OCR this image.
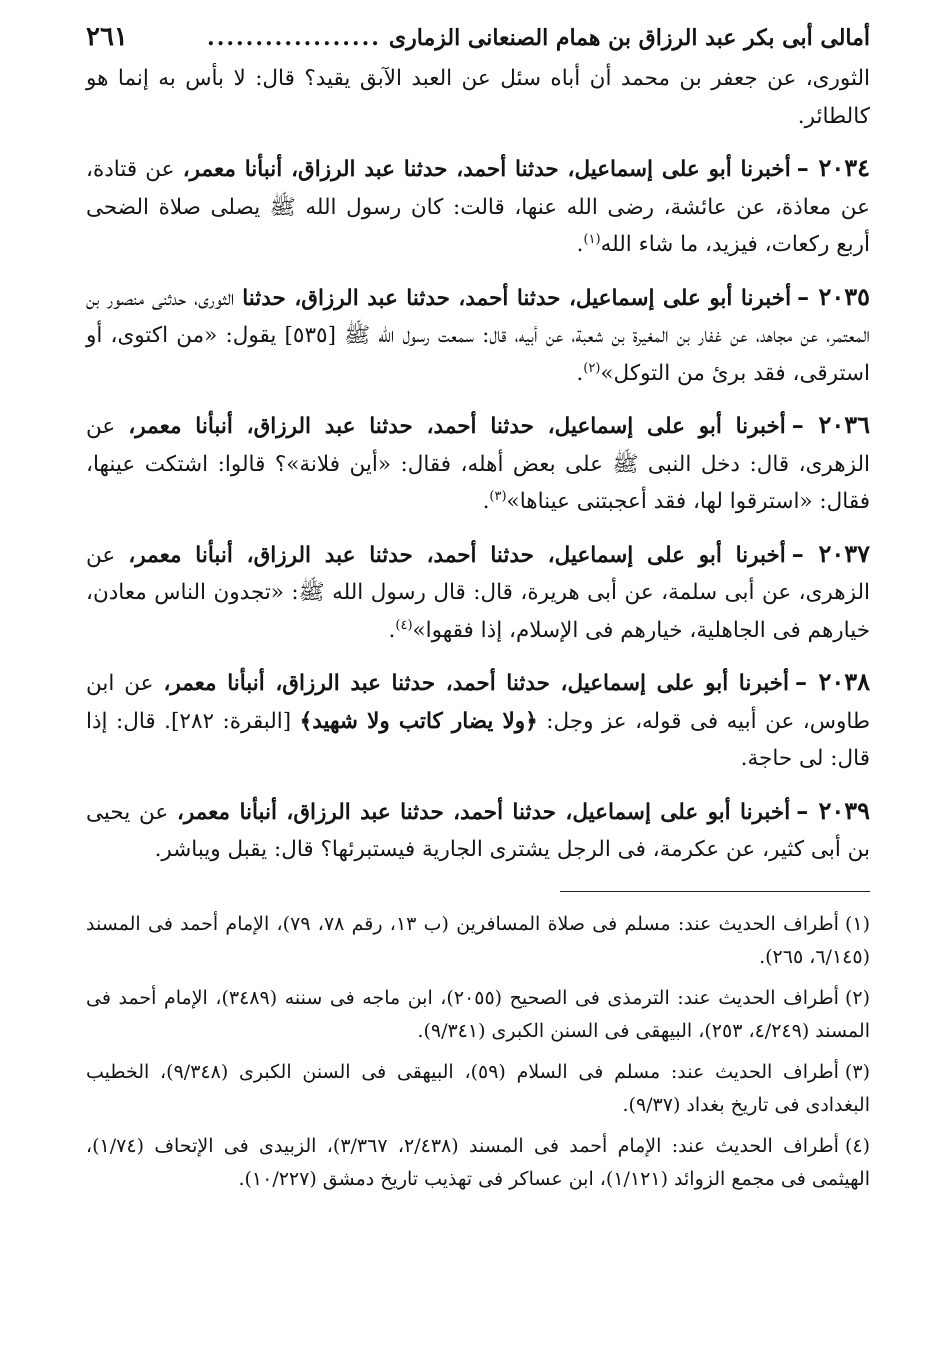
أمالى أبى بكر عبد الرزاق بن همام الصنعانى الزمارى
..................
٢٦١

الثورى، عن جعفر بن محمد أن أباه سئل عن العبد الآبق يقيد؟ قال: لا بأس به إنما هو كالطائر.

٢٠٣٤ –أخبرنا أبو على إسماعيل، حدثنا أحمد، حدثنا عبد الرزاق، أنبأنا معمر، عن قتادة، عن معاذة، عن عائشة، رضى الله عنها، قالت: كان رسول الله ﷺ يصلى صلاة الضحى أربع ركعات، فيزيد، ما شاء الله$^{(١)}$.

٢٠٣٥ –أخبرنا أبو على إسماعيل، حدثنا أحمد، حدثنا عبد الرزاق، حدثنا الثورى، حدثنى منصور بن المعتمر، عن مجاهد، عن غفار بن المغيرة بن شعبة، عن أبيه، قال: سمعت رسول الله ﷺ [٥٣٥] يقول: «من اكتوى، أو استرقى، فقد برئ من التوكل»$^{(٢)}$.

٢٠٣٦ –أخبرنا أبو على إسماعيل، حدثنا أحمد، حدثنا عبد الرزاق، أنبأنا معمر، عن الزهرى، قال: دخل النبى ﷺ على بعض أهله، فقال: «أين فلانة»؟ قالوا: اشتكت عينها، فقال: «استرقوا لها، فقد أعجبتنى عيناها»$^{(٣)}$.

٢٠٣٧ –أخبرنا أبو على إسماعيل، حدثنا أحمد، حدثنا عبد الرزاق، أنبأنا معمر، عن الزهرى، عن أبى سلمة، عن أبى هريرة، قال: قال رسول الله ﷺ: «تجدون الناس معادن، خيارهم فى الجاهلية، خيارهم فى الإسلام، إذا فقهوا»$^{(٤)}$.

٢٠٣٨ –أخبرنا أبو على إسماعيل، حدثنا أحمد، حدثنا عبد الرزاق، أنبأنا معمر، عن ابن طاوس، عن أبيه فى قوله، عز وجل: ﴿ولا يضار كاتب ولا شهيد﴾ [البقرة: ٢٨٢]. قال: إذا قال: لى حاجة.

٢٠٣٩ –أخبرنا أبو على إسماعيل، حدثنا أحمد، حدثنا عبد الرزاق، أنبأنا معمر، عن يحيى بن أبى كثير، عن عكرمة، فى الرجل يشترى الجارية فيستبرئها؟ قال: يقبل ويباشر.

(١)أطراف الحديث عند: مسلم فى صلاة المسافرين (ب ١٣، رقم ٧٨، ٧٩)، الإمام أحمد فى المسند (٦/١٤٥، ٢٦٥).

(٢)أطراف الحديث عند: الترمذى فى الصحيح (٢٠٥٥)، ابن ماجه فى سننه (٣٤٨٩)، الإمام أحمد فى المسند (٤/٢٤٩، ٢٥٣)، البيهقى فى السنن الكبرى (٩/٣٤١).

(٣)أطراف الحديث عند: مسلم فى السلام (٥٩)، البيهقى فى السنن الكبرى (٩/٣٤٨)، الخطيب البغدادى فى تاريخ بغداد (٩/٣٧).

(٤)أطراف الحديث عند: الإمام أحمد فى المسند (٢/٤٣٨، ٣/٣٦٧)، الزبيدى فى الإتحاف (١/٧٤)، الهيثمى فى مجمع الزوائد (١/١٢١)، ابن عساكر فى تهذيب تاريخ دمشق (١٠/٢٢٧).
